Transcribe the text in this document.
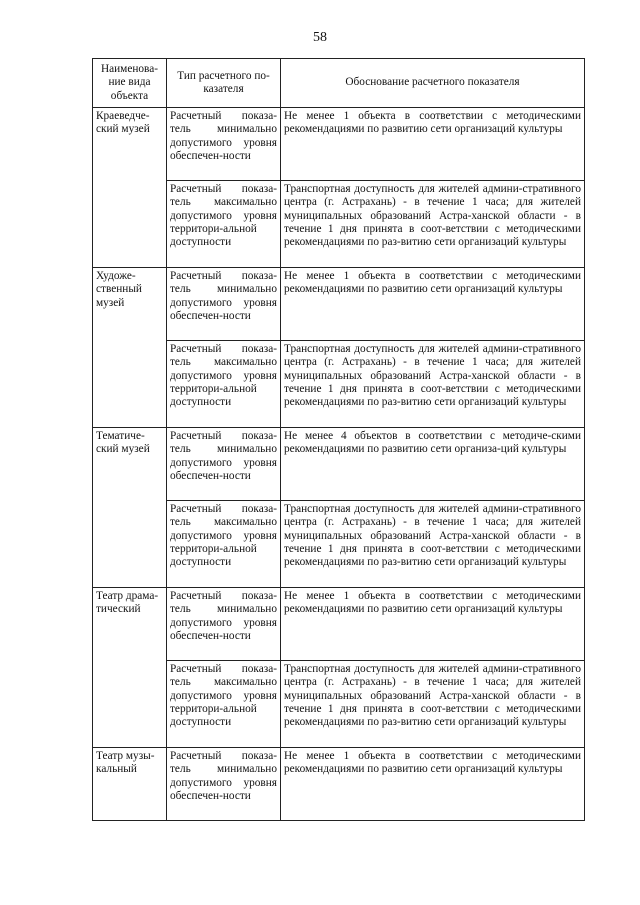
58
Наименова-ние вида объекта	Тип расчетного по-казателя	Обоснование расчетного показателя
Краеведче-ский музей	Расчетный показа-тель минимально допустимого уровня обеспечен-ности	Не менее 1 объекта в соответствии с методическими рекомендациями по развитию сети организаций культуры
	Расчетный показа-тель максимально допустимого уровня территори-альной доступности	Транспортная доступность для жителей админи-стративного центра (г. Астрахань) - в течение 1 часа; для жителей муниципальных образований Астра-ханской области - в течение 1 дня принята в соот-ветствии с методическими рекомендациями по раз-витию сети организаций культуры
Художе-ственный музей	Расчетный показа-тель минимально допустимого уровня обеспечен-ности	Не менее 1 объекта в соответствии с методическими рекомендациями по развитию сети организаций культуры
	Расчетный показа-тель максимально допустимого уровня территори-альной доступности	Транспортная доступность для жителей админи-стративного центра (г. Астрахань) - в течение 1 часа; для жителей муниципальных образований Астра-ханской области - в течение 1 дня принята в соот-ветствии с методическими рекомендациями по раз-витию сети организаций культуры
Тематиче-ский музей	Расчетный показа-тель минимально допустимого уровня обеспечен-ности	Не менее 4 объектов в соответствии с методиче-скими рекомендациями по развитию сети организа-ций культуры
	Расчетный показа-тель максимально допустимого уровня территори-альной доступности	Транспортная доступность для жителей админи-стративного центра (г. Астрахань) - в течение 1 часа; для жителей муниципальных образований Астра-ханской области - в течение 1 дня принята в соот-ветствии с методическими рекомендациями по раз-витию сети организаций культуры
Театр драма-тический	Расчетный показа-тель минимально допустимого уровня обеспечен-ности	Не менее 1 объекта в соответствии с методическими рекомендациями по развитию сети организаций культуры
	Расчетный показа-тель максимально допустимого уровня территори-альной доступности	Транспортная доступность для жителей админи-стративного центра (г. Астрахань) - в течение 1 часа; для жителей муниципальных образований Астра-ханской области - в течение 1 дня принята в соот-ветствии с методическими рекомендациями по раз-витию сети организаций культуры
Театр музы-кальный	Расчетный показа-тель минимально допустимого уровня обеспечен-ности	Не менее 1 объекта в соответствии с методическими рекомендациями по развитию сети организаций культуры
